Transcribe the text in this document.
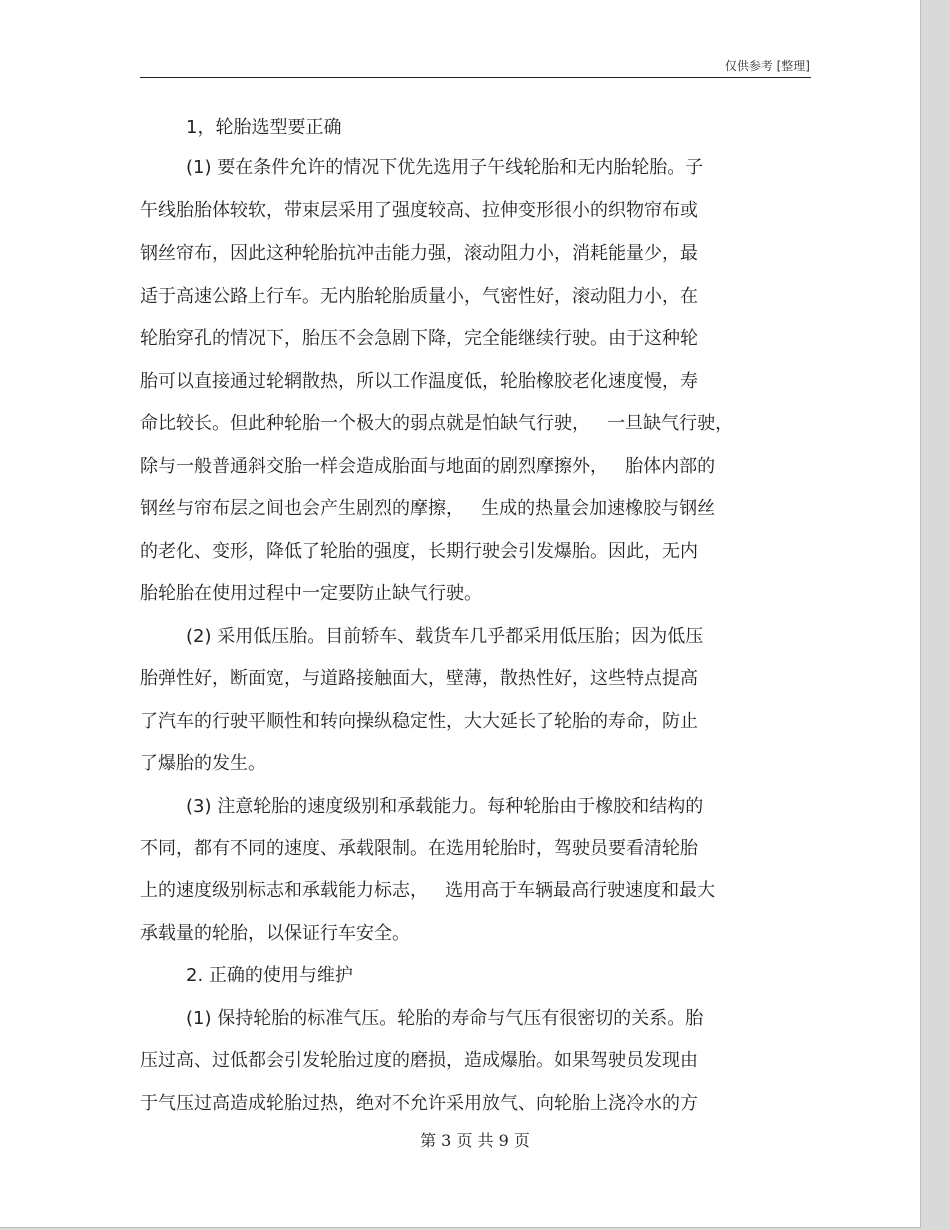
仅供参考 [整理]
1，轮胎选型要正确
(1) 要在条件允许的情况下优先选用子午线轮胎和无内胎轮胎。子
午线胎胎体较软，带束层采用了强度较高、拉伸变形很小的织物帘布或
钢丝帘布，因此这种轮胎抗冲击能力强，滚动阻力小，消耗能量少，最
适于高速公路上行车。无内胎轮胎质量小，气密性好，滚动阻力小，在
轮胎穿孔的情况下，胎压不会急剧下降，完全能继续行驶。由于这种轮
胎可以直接通过轮辋散热，所以工作温度低，轮胎橡胶老化速度慢，寿
命比较长。但此种轮胎一个极大的弱点就是怕缺气行驶，   一旦缺气行驶，
除与一般普通斜交胎一样会造成胎面与地面的剧烈摩擦外，   胎体内部的
钢丝与帘布层之间也会产生剧烈的摩擦，   生成的热量会加速橡胶与钢丝
的老化、变形，降低了轮胎的强度，长期行驶会引发爆胎。因此，无内
胎轮胎在使用过程中一定要防止缺气行驶。
(2) 采用低压胎。目前轿车、载货车几乎都采用低压胎；因为低压
胎弹性好，断面宽，与道路接触面大，壁薄，散热性好，这些特点提高
了汽车的行驶平顺性和转向操纵稳定性，大大延长了轮胎的寿命，防止
了爆胎的发生。
(3) 注意轮胎的速度级别和承载能力。每种轮胎由于橡胶和结构的
不同，都有不同的速度、承载限制。在选用轮胎时，驾驶员要看清轮胎
上的速度级别标志和承载能力标志，   选用高于车辆最高行驶速度和最大
承载量的轮胎，以保证行车安全。
2. 正确的使用与维护
(1) 保持轮胎的标准气压。轮胎的寿命与气压有很密切的关系。胎
压过高、过低都会引发轮胎过度的磨损，造成爆胎。如果驾驶员发现由
于气压过高造成轮胎过热，绝对不允许采用放气、向轮胎上浇冷水的方
第 3 页 共 9 页
